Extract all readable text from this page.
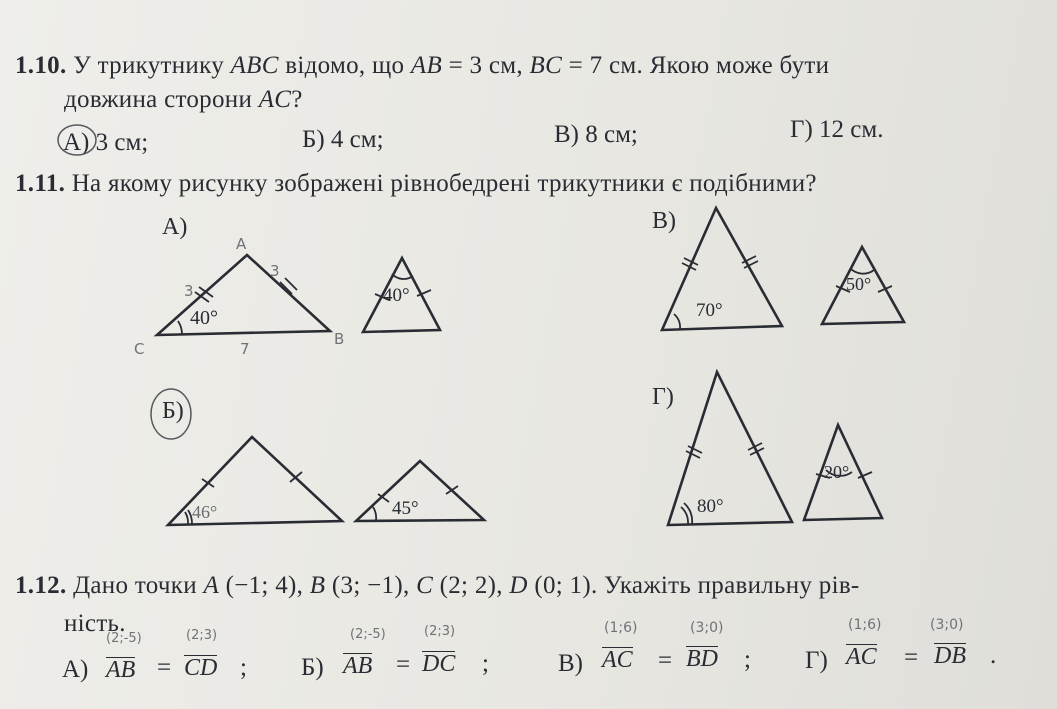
1.10. У трикутнику ABC відомо, що AB = 3 см, BC = 7 см. Якою може бути
довжина сторони AC?
А) 3 см;	Б) 4 см;	В) 8 см;	Г) 12 см.
1.11. На якому рисунку зображені рівнобедрені трикутники є подібними?
А)	В)
Б)
Г)
40°
40°
46°	45°
70°
50°
80°
20°
A
C
B
3
3
7
1.12. Дано точки A (−1; 4), B (3; −1), C (2; 2), D (0; 1). Укажіть правильну рів-
ність.
А) AB = CD ; Б) AB = DC ;	В) AC = BD ; Г) AC = DB .
(2;-5)	(2;3)	(2;-5)	(2;3)	(1;6)	(3;0)	(1;6)	(3;0)
